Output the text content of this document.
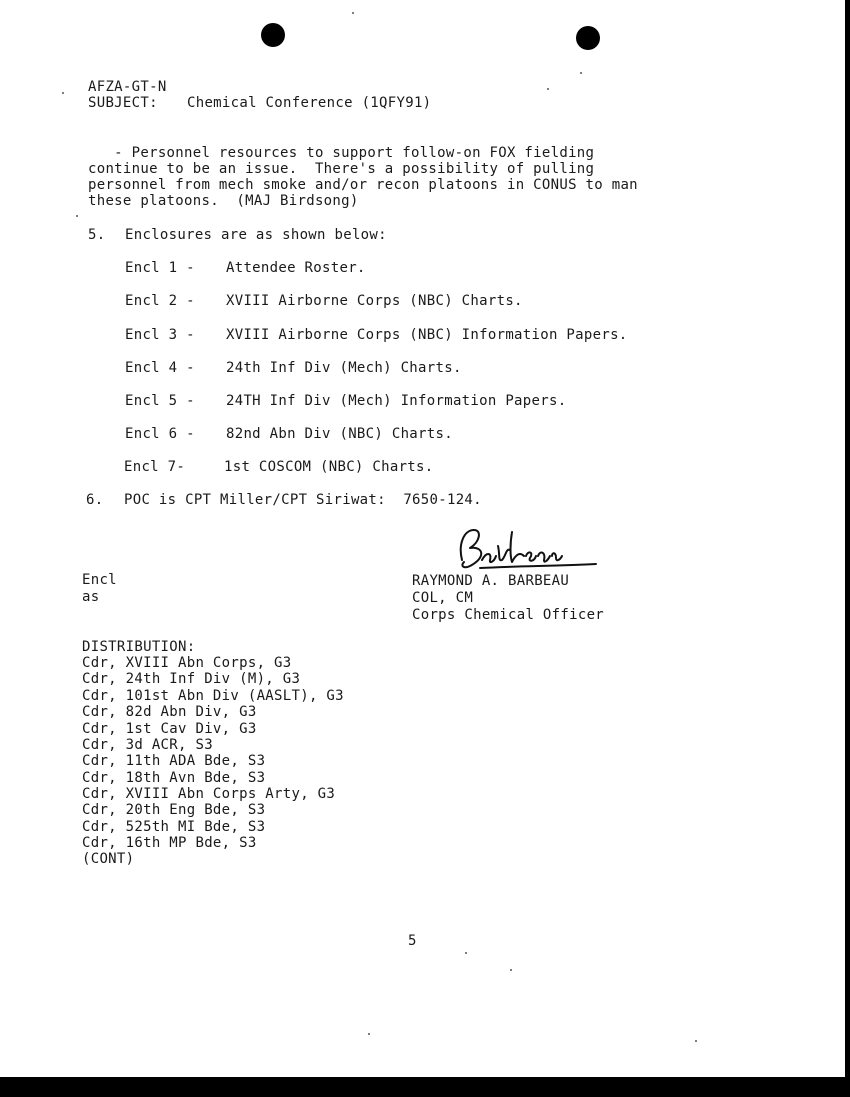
AFZA-GT-N
SUBJECT: Chemical Conference (1QFY91)
- Personnel resources to support follow-on FOX fielding
continue to be an issue.  There's a possibility of pulling
personnel from mech smoke and/or recon platoons in CONUS to man
these platoons.  (MAJ Birdsong)
5. Enclosures are as shown below:
Encl 1 - Attendee Roster.
Encl 2 - XVIII Airborne Corps (NBC) Charts.
Encl 3 - XVIII Airborne Corps (NBC) Information Papers.
Encl 4 - 24th Inf Div (Mech) Charts.
Encl 5 - 24TH Inf Div (Mech) Information Papers.
Encl 6 - 82nd Abn Div (NBC) Charts.
Encl 7-	1st COSCOM (NBC) Charts.
6. POC is CPT Miller/CPT Siriwat:  7650-124.
Encl
as
RAYMOND A. BARBEAU
COL, CM
Corps Chemical Officer
DISTRIBUTION:
Cdr, XVIII Abn Corps, G3
Cdr, 24th Inf Div (M), G3
Cdr, 101st Abn Div (AASLT), G3
Cdr, 82d Abn Div, G3
Cdr, 1st Cav Div, G3
Cdr, 3d ACR, S3
Cdr, 11th ADA Bde, S3
Cdr, 18th Avn Bde, S3
Cdr, XVIII Abn Corps Arty, G3
Cdr, 20th Eng Bde, S3
Cdr, 525th MI Bde, S3
Cdr, 16th MP Bde, S3
(CONT)
5
